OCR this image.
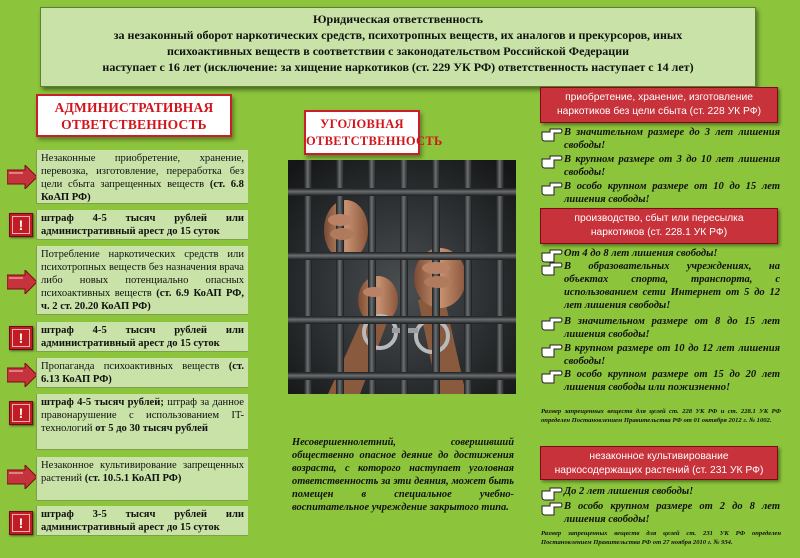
Юридическая ответственность
за незаконный оборот наркотических средств, психотропных веществ, их аналогов и прекурсоров, иных
психоактивных веществ в соответствии с законодательством Российской Федерации
наступает с 16 лет (исключение: за хищение наркотиков (ст. 229 УК РФ) ответственность наступает с 14 лет)
АДМИНИСТРАТИВНАЯ
ОТВЕТСТВЕННОСТЬ
Незаконные приобретение, хранение, перевозка, изготовление, переработка без цели сбыта запрещенных веществ (ст. 6.8 КоАП РФ)
!	штраф 4-5 тысяч рублей или административный арест до 15 суток
Потребление наркотических средств или психотропных веществ без назначения врача либо новых потенциально опасных психоактивных веществ (ст. 6.9 КоАП РФ, ч. 2 ст. 20.20 КоАП РФ)
!	штраф 4-5 тысяч рублей или административный арест до 15 суток
Пропаганда психоактивных веществ (ст. 6.13 КоАП РФ)
!
штраф 4-5 тысяч рублей; штраф за данное правонарушение с использованием IT-технологий от 5 до 30 тысяч рублей
Незаконное культивирование запрещенных растений (ст. 10.5.1 КоАП РФ)
!
штраф 3-5 тысяч рублей или административный арест до 15 суток
УГОЛОВНАЯ
ОТВЕТСТВЕННОСТЬ
Несовершеннолетний, совершивший общественно опасное деяние до достижения возраста, с которого наступает уголовная ответственность за эти деяния, может быть помещен в специальное учебно-воспитательное учреждение закрытого типа.
приобретение, хранение, изготовление наркотиков без цели сбыта (ст. 228 УК РФ)
В значительном размере до 3 лет лишения свободы!
В крупном размере от 3 до 10 лет лишения свободы!
В особо крупном размере от 10 до 15 лет лишения свободы!
производство, сбыт или пересылка наркотиков (ст. 228.1 УК РФ)
От 4 до 8 лет лишения свободы!
В образовательных учреждениях, на объектах спорта, транспорта, с использованием сети Интернет от 5 до 12 лет лишения свободы!
В значительном размере от 8 до 15 лет лишения свободы!
В крупном размере от 10 до 12 лет лишения свободы!
В особо крупном размере от 15 до 20 лет лишения свободы или пожизненно!
Размер запрещенных веществ для целей ст. 228 УК РФ и ст. 228.1 УК РФ определен Постановлением Правительства РФ от 01 октября 2012 г. № 1002.
незаконное культивирование наркосодержащих растений (ст. 231 УК РФ)
До 2 лет лишения свободы!
В особо крупном размере от 2 до 8 лет лишения свободы!
Размер запрещенных веществ для целей ст. 231 УК РФ определен Постановлением Правительства РФ от 27 ноября 2010 г. № 934.
